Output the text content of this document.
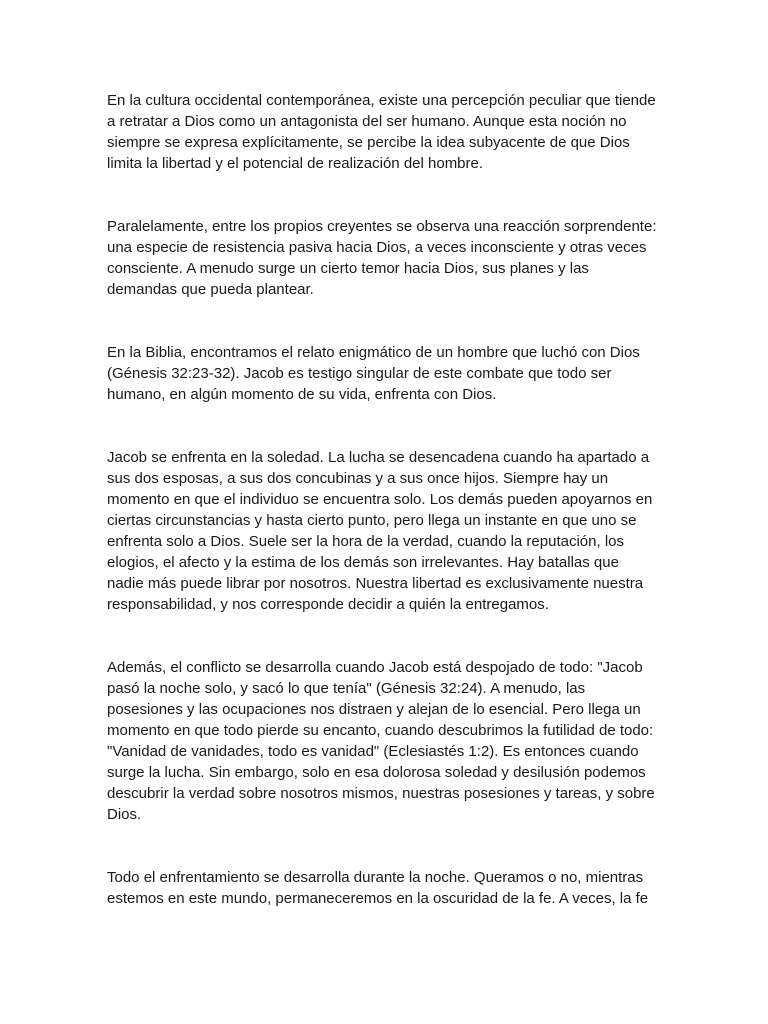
En la cultura occidental contemporánea, existe una percepción peculiar que tiende
a retratar a Dios como un antagonista del ser humano. Aunque esta noción no
siempre se expresa explícitamente, se percibe la idea subyacente de que Dios
limita la libertad y el potencial de realización del hombre.

Paralelamente, entre los propios creyentes se observa una reacción sorprendente:
una especie de resistencia pasiva hacia Dios, a veces inconsciente y otras veces
consciente. A menudo surge un cierto temor hacia Dios, sus planes y las
demandas que pueda plantear.

En la Biblia, encontramos el relato enigmático de un hombre que luchó con Dios
(Génesis 32:23-32). Jacob es testigo singular de este combate que todo ser
humano, en algún momento de su vida, enfrenta con Dios.

Jacob se enfrenta en la soledad. La lucha se desencadena cuando ha apartado a
sus dos esposas, a sus dos concubinas y a sus once hijos. Siempre hay un
momento en que el individuo se encuentra solo. Los demás pueden apoyarnos en
ciertas circunstancias y hasta cierto punto, pero llega un instante en que uno se
enfrenta solo a Dios. Suele ser la hora de la verdad, cuando la reputación, los
elogios, el afecto y la estima de los demás son irrelevantes. Hay batallas que
nadie más puede librar por nosotros. Nuestra libertad es exclusivamente nuestra
responsabilidad, y nos corresponde decidir a quién la entregamos.

Además, el conflicto se desarrolla cuando Jacob está despojado de todo: "Jacob
pasó la noche solo, y sacó lo que tenía" (Génesis 32:24). A menudo, las
posesiones y las ocupaciones nos distraen y alejan de lo esencial. Pero llega un
momento en que todo pierde su encanto, cuando descubrimos la futilidad de todo:
"Vanidad de vanidades, todo es vanidad" (Eclesiastés 1:2). Es entonces cuando
surge la lucha. Sin embargo, solo en esa dolorosa soledad y desilusión podemos
descubrir la verdad sobre nosotros mismos, nuestras posesiones y tareas, y sobre
Dios.

Todo el enfrentamiento se desarrolla durante la noche. Queramos o no, mientras
estemos en este mundo, permaneceremos en la oscuridad de la fe. A veces, la fe
